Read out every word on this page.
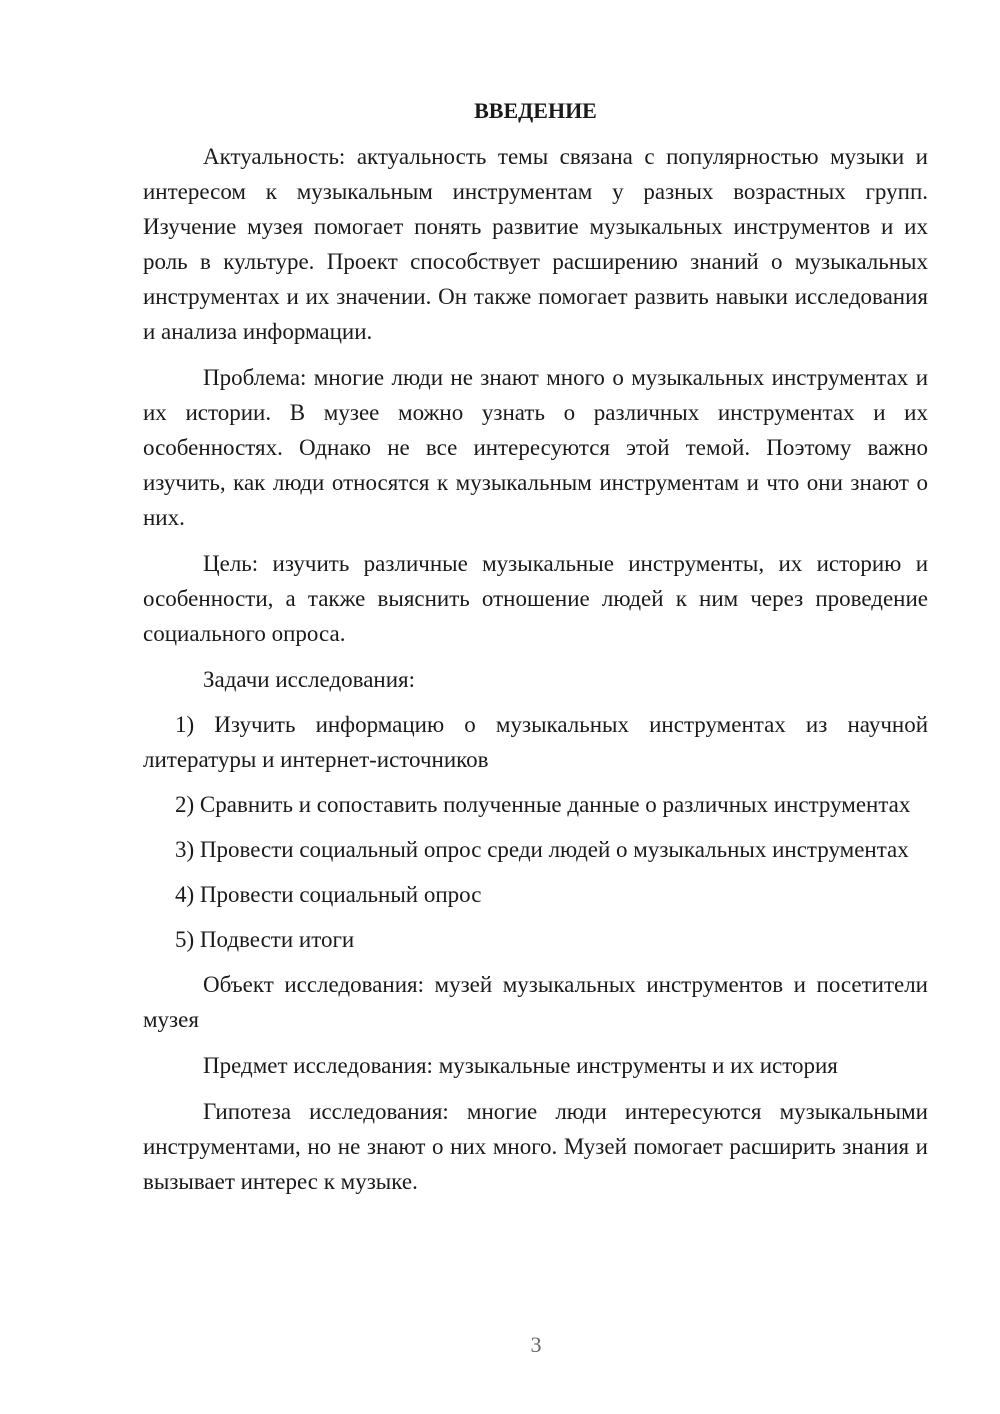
ВВЕДЕНИЕ

Актуальность: актуальность темы связана с популярностью музыки и интересом к музыкальным инструментам у разных возрастных групп. Изучение музея помогает понять развитие музыкальных инструментов и их роль в культуре. Проект способствует расширению знаний о музыкальных инструментах и их значении. Он также помогает развить навыки исследования и анализа информации.

Проблема: многие люди не знают много о музыкальных инструментах и их истории. В музее можно узнать о различных инструментах и их особенностях. Однако не все интересуются этой темой. Поэтому важно изучить, как люди относятся к музыкальным инструментам и что они знают о них.

Цель: изучить различные музыкальные инструменты, их историю и особенности, а также выяснить отношение людей к ним через проведение социального опроса.

Задачи исследования:

1) Изучить информацию о музыкальных инструментах из научной литературы и интернет-источников

2) Сравнить и сопоставить полученные данные о различных инструментах

3) Провести социальный опрос среди людей о музыкальных инструментах

4) Провести социальный опрос

5) Подвести итоги

Объект исследования: музей музыкальных инструментов и посетители музея

Предмет исследования: музыкальные инструменты и их история

Гипотеза исследования: многие люди интересуются музыкальными инструментами, но не знают о них много. Музей помогает расширить знания и вызывает интерес к музыке.

3
